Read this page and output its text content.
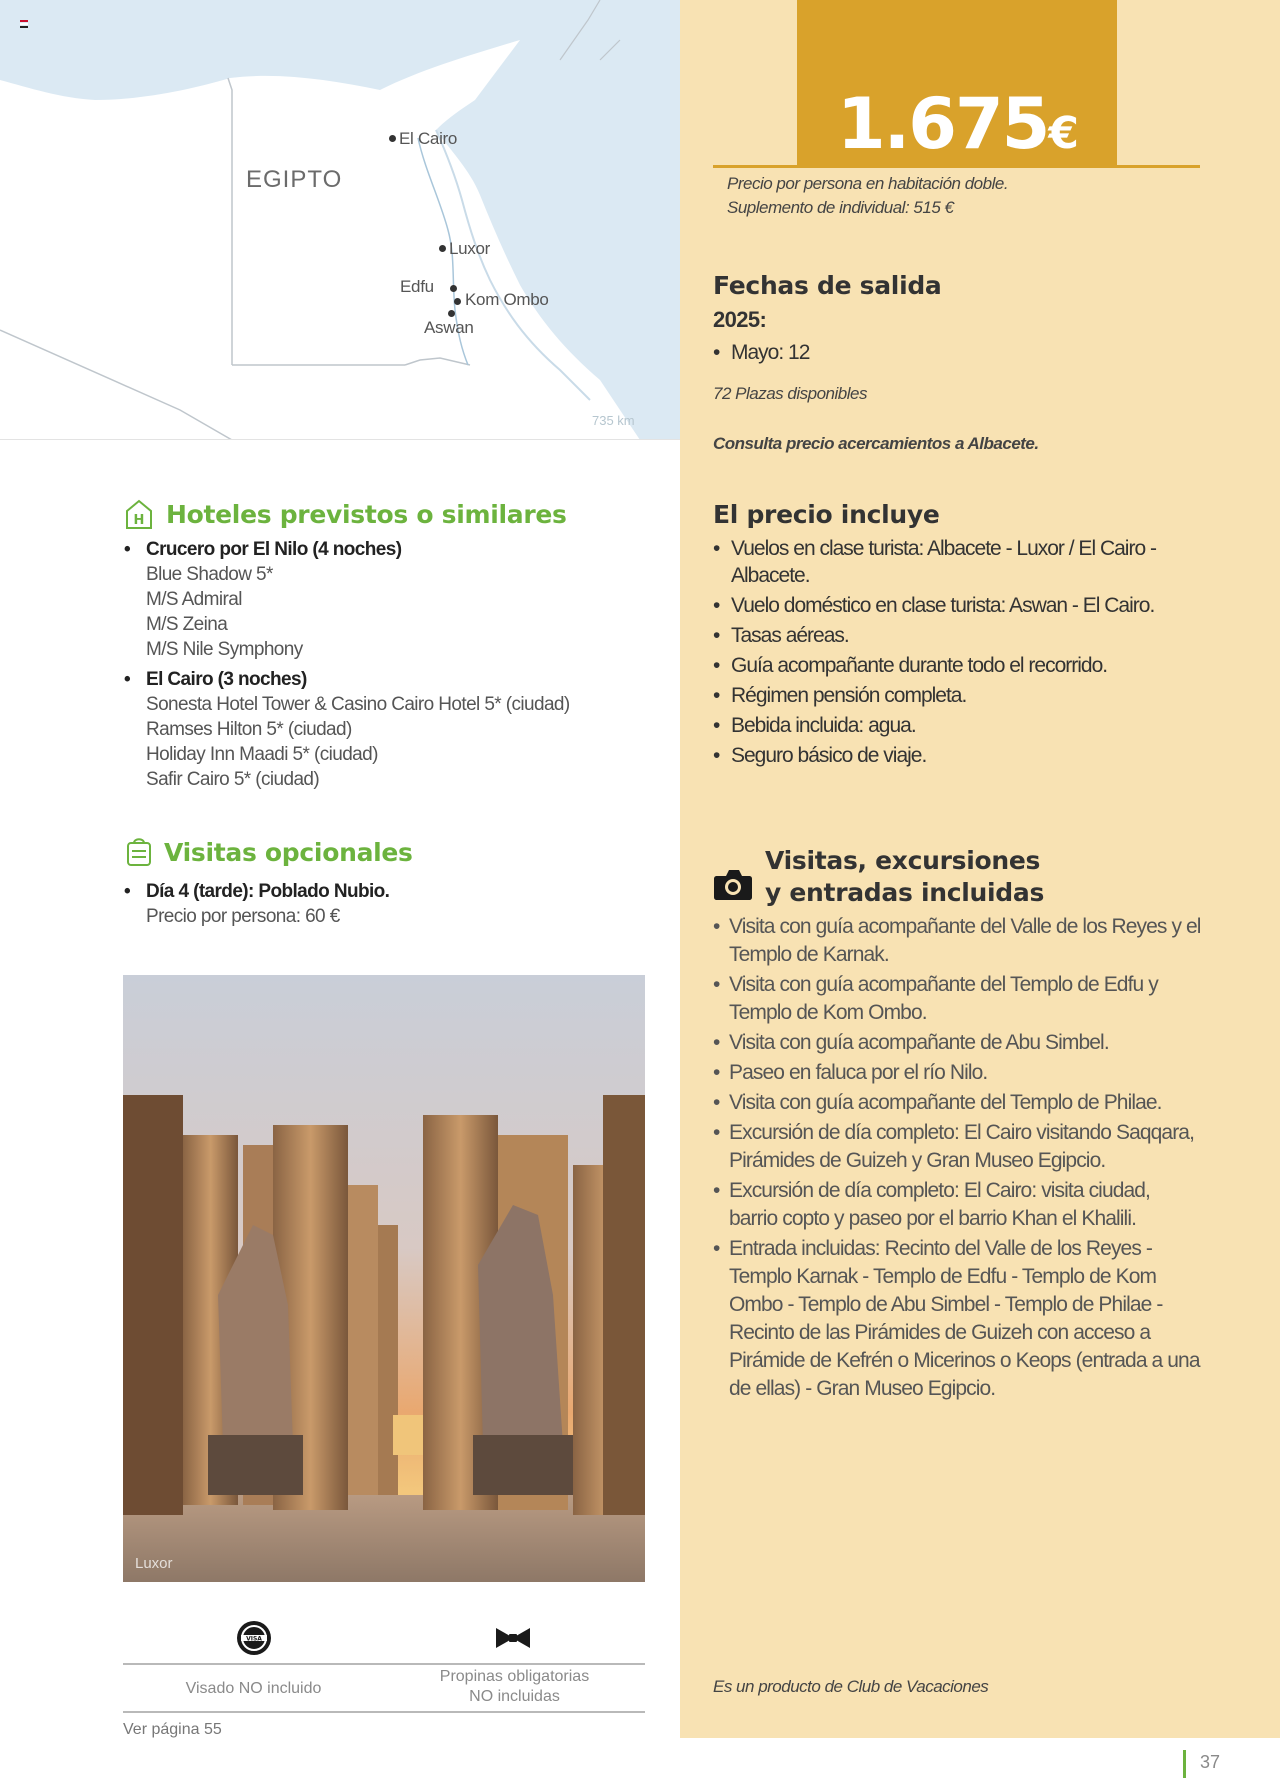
EGIPTO
El Cairo
Luxor
Edfu
Kom Ombo
Aswan
735 km
H Hoteles previstos o similares
• Crucero por El Nilo (4 noches)
Blue Shadow 5*
M/S Admiral
M/S Zeina
M/S Nile Symphony
• El Cairo (3 noches)
Sonesta Hotel Tower & Casino Cairo Hotel 5* (ciudad)
Ramses Hilton 5* (ciudad)
Holiday Inn Maadi 5* (ciudad)
Safir Cairo 5* (ciudad)
Visitas opcionales
• Día 4 (tarde): Poblado Nubio.
Precio por persona: 60 €
Luxor
VISA
Visado NO incluido
Propinas obligatorias
NO incluidas
Ver página 55
1.675€
Precio por persona en habitación doble.
Suplemento de individual: 515 €
Fechas de salida
2025:
• Mayo: 12
72 Plazas disponibles
Consulta precio acercamientos a Albacete.
El precio incluye
• Vuelos en clase turista: Albacete - Luxor / El Cairo - Albacete.
• Vuelo doméstico en clase turista: Aswan - El Cairo.
• Tasas aéreas.
• Guía acompañante durante todo el recorrido.
• Régimen pensión completa.
• Bebida incluida: agua.
• Seguro básico de viaje.
Visitas, excursiones
y entradas incluidas
• Visita con guía acompañante del Valle de los Reyes y el Templo de Karnak.
• Visita con guía acompañante del Templo de Edfu y Templo de Kom Ombo.
• Visita con guía acompañante de Abu Simbel.
• Paseo en faluca por el río Nilo.
• Visita con guía acompañante del Templo de Philae.
• Excursión de día completo: El Cairo visitando Saqqara, Pirámides de Guizeh y Gran Museo Egipcio.
• Excursión de día completo: El Cairo: visita ciudad, barrio copto y paseo por el barrio Khan el Khalili.
• Entrada incluidas: Recinto del Valle de los Reyes - Templo Karnak - Templo de Edfu - Templo de Kom Ombo - Templo de Abu Simbel - Templo de Philae - Recinto de las Pirámides de Guizeh con acceso a Pirámide de Kefrén o Micerinos o Keops (entrada a una de ellas) - Gran Museo Egipcio.
Es un producto de Club de Vacaciones
37
